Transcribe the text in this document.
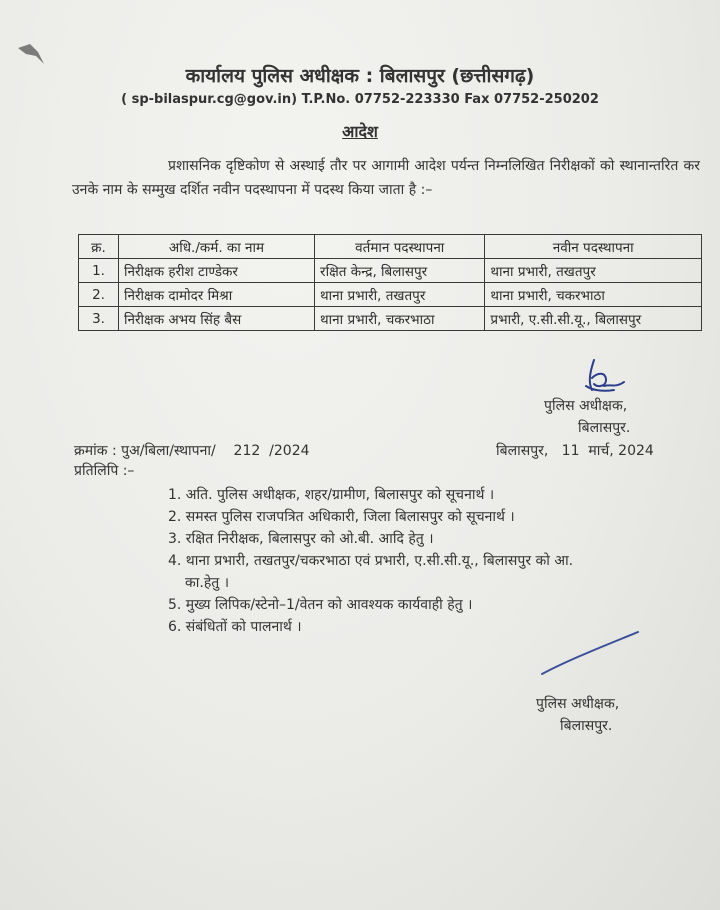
कार्यालय पुलिस अधीक्षक : बिलासपुर (छत्तीसगढ़)
( sp-bilaspur.cg@gov.in) T.P.No. 07752-223330 Fax 07752-250202
आदेश
प्रशासनिक दृष्टिकोण से अस्थाई तौर पर आगामी आदेश पर्यन्त निम्नलिखित निरीक्षकों को स्थानान्तरित कर उनके नाम के सम्मुख दर्शित नवीन पदस्थापना में पदस्थ किया जाता है :–
क्र.	अधि./कर्म. का नाम	वर्तमान पदस्थापना	नवीन पदस्थापना
1.	निरीक्षक हरीश टाण्डेकर	रक्षित केन्द्र, बिलासपुर	थाना प्रभारी, तखतपुर
2.	निरीक्षक दामोदर मिश्रा	थाना प्रभारी, तखतपुर	थाना प्रभारी, चकरभाठा
3.	निरीक्षक अभय सिंह बैस	थाना प्रभारी, चकरभाठा	प्रभारी, ए.सी.सी.यू., बिलासपुर
पुलिस अधीक्षक,
बिलासपुर.
क्रमांक : पुअ/बिला/स्थापना/    212  /2024	बिलासपुर,   11  मार्च, 2024
प्रतिलिपि :–
1. अति. पुलिस अधीक्षक, शहर/ग्रामीण, बिलासपुर को सूचनार्थ ।
2. समस्त पुलिस राजपत्रित अधिकारी, जिला बिलासपुर को सूचनार्थ ।
3. रक्षित निरीक्षक, बिलासपुर को ओ.बी. आदि हेतु ।
4. थाना प्रभारी, तखतपुर/चकरभाठा एवं प्रभारी, ए.सी.सी.यू., बिलासपुर को आ.
का.हेतु ।
5. मुख्य लिपिक/स्टेनो–1/वेतन को आवश्यक कार्यवाही हेतु ।
6. संबंधितों को पालनार्थ ।
पुलिस अधीक्षक,
बिलासपुर.
